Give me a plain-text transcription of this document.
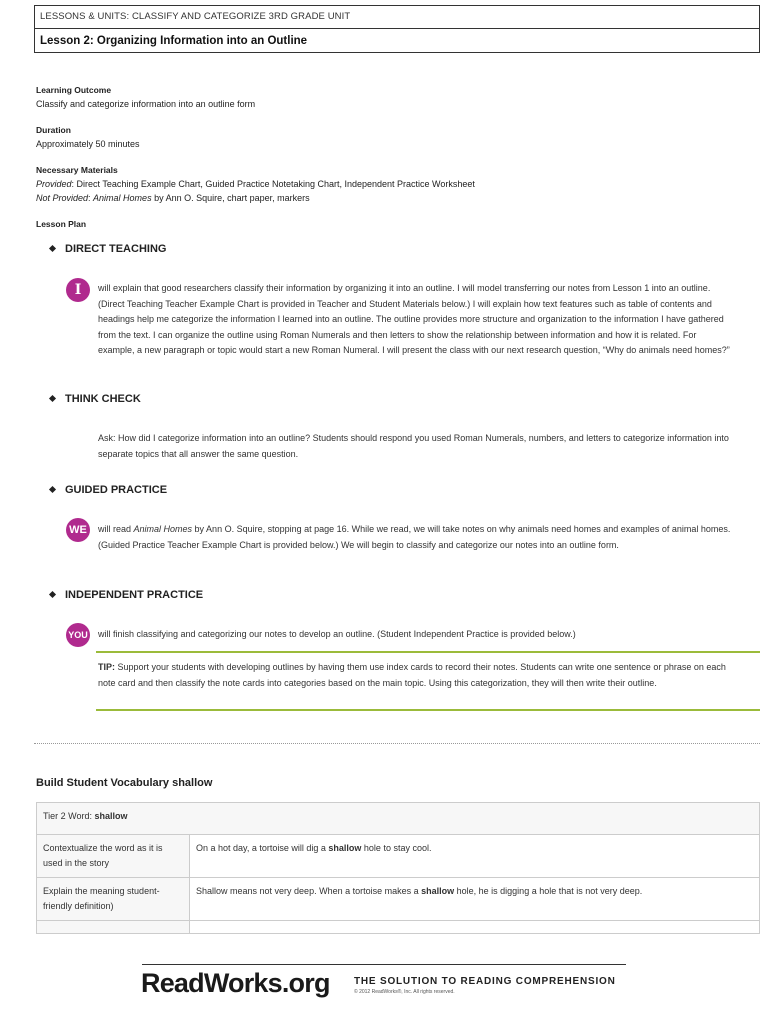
LESSONS & UNITS: CLASSIFY AND CATEGORIZE 3RD GRADE UNIT
Lesson 2: Organizing Information into an Outline
Learning Outcome
Classify and categorize information into an outline form
Duration
Approximately 50 minutes
Necessary Materials
Provided: Direct Teaching Example Chart, Guided Practice Notetaking Chart, Independent Practice Worksheet
Not Provided: Animal Homes by Ann O. Squire, chart paper, markers
Lesson Plan
DIRECT TEACHING
I	will explain that good researchers classify their information by organizing it into an outline. I will model transferring our notes from Lesson 1 into an outline. (Direct Teaching Teacher Example Chart is provided in Teacher and Student Materials below.) I will explain how text features such as table of contents and headings help me categorize the information I learned into an outline. The outline provides more structure and organization to the information I have gathered from the text. I can organize the outline using Roman Numerals and then letters to show the relationship between information and how it is related. For example, a new paragraph or topic would start a new Roman Numeral. I will present the class with our next research question, “Why do animals need homes?”
THINK CHECK
Ask: How did I categorize information into an outline? Students should respond you used Roman Numerals, numbers, and letters to categorize information into separate topics that all answer the same question.
GUIDED PRACTICE
WE	will read Animal Homes by Ann O. Squire, stopping at page 16. While we read, we will take notes on why animals need homes and examples of animal homes. (Guided Practice Teacher Example Chart is provided below.) We will begin to classify and categorize our notes into an outline form.
INDEPENDENT PRACTICE
YOU will finish classifying and categorizing our notes to develop an outline. (Student Independent Practice is provided below.)
TIP: Support your students with developing outlines by having them use index cards to record their notes. Students can write one sentence or phrase on each note card and then classify the note cards into categories based on the main topic. Using this categorization, they will then write their outline.
Build Student Vocabulary shallow
Tier 2 Word: shallow	
Contextualize the word as it is used in the story	On a hot day, a tortoise will dig a shallow hole to stay cool.
Explain the meaning student-friendly definition)	Shallow means not very deep. When a tortoise makes a shallow hole, he is digging a hole that is not very deep.

ReadWorks.org THE SOLUTION TO READING COMPREHENSION
© 2012 ReadWorks®, Inc. All rights reserved.
